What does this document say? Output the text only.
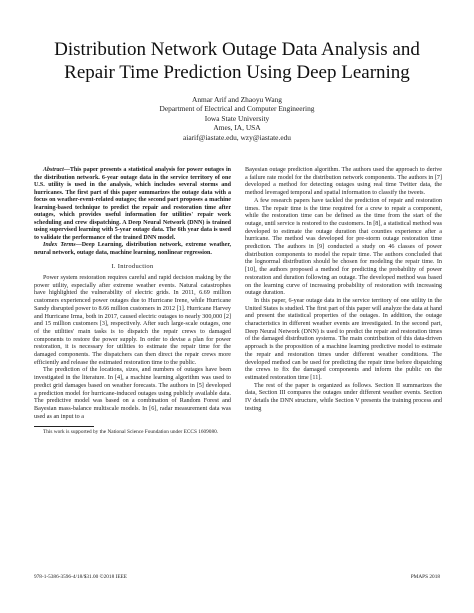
Distribution Network Outage Data Analysis and
Repair Time Prediction Using Deep Learning
Anmar Arif and Zhaoyu Wang
Department of Electrical and Computer Engineering
Iowa State University
Ames, IA, USA
aiarif@iastate.edu, wzy@iastate.edu

Abstract—This paper presents a statistical analysis for power outages in the distribution network. 6-year outage data in the service territory of one U.S. utility is used in the analysis, which includes several storms and hurricanes. The first part of this paper summarizes the outage data with a focus on weather-event-related outages; the second part proposes a machine learning-based technique to predict the repair and restoration time after outages, which provides useful information for utilities' repair work scheduling and crew dispatching. A Deep Neural Network (DNN) is trained using supervised learning with 5-year outage data. The 6th year data is used to validate the performance of the trained DNN model.

Index Terms—Deep Learning, distribution network, extreme weather, neural network, outage data, machine learning, nonlinear regression.

I. Introduction

Power system restoration requires careful and rapid decision making by the power utility, especially after extreme weather events. Natural catastrophes have highlighted the vulnerability of electric grids. In 2011, 6.69 million customers experienced power outages due to Hurricane Irene, while Hurricane Sandy disrupted power to 8.66 million customers in 2012 [1]. Hurricane Harvey and Hurricane Irma, both in 2017, caused electric outages to nearly 300,000 [2] and 15 million customers [3], respectively. After such large-scale outages, one of the utilities' main tasks is to dispatch the repair crews to damaged components to restore the power supply. In order to devise a plan for power restoration, it is necessary for utilities to estimate the repair time for the damaged components. The dispatchers can then direct the repair crews more efficiently and release the estimated restoration time to the public.

The prediction of the locations, sizes, and numbers of outages have been investigated in the literature. In [4], a machine learning algorithm was used to predict grid damages based on weather forecasts. The authors in [5] developed a prediction model for hurricane-induced outages using publicly available data. The predictive model was based on a combination of Random Forest and Bayesian mass-balance multiscale models. In [6], radar measurement data was used as an input to a

This work is supported by the National Science Foundation under ECCS 1609080.

Bayesian outage prediction algorithm. The authors used the approach to derive a failure rate model for the distribution network components. The authors in [7] developed a method for detecting outages using real time Twitter data, the method leveraged temporal and spatial information to classify the tweets.

A few research papers have tackled the prediction of repair and restoration times. The repair time is the time required for a crew to repair a component, while the restoration time can be defined as the time from the start of the outage, until service is restored to the customers. In [8], a statistical method was developed to estimate the outage duration that counties experience after a hurricane. The method was developed for pre-storm outage restoration time prediction. The authors in [9] conducted a study on 46 classes of power distribution components to model the repair time. The authors concluded that the lognormal distribution should be chosen for modeling the repair time. In [10], the authors proposed a method for predicting the probability of power restoration and duration following an outage. The developed method was based on the learning curve of increasing probability of restoration with increasing outage duration.

In this paper, 6-year outage data in the service territory of one utility in the United States is studied. The first part of this paper will analyze the data at hand and present the statistical properties of the outages. In addition, the outage characteristics in different weather events are investigated. In the second part, Deep Neural Network (DNN) is used to predict the repair and restoration times of the damaged distribution systems. The main contribution of this data-driven approach is the proposition of a machine learning predictive model to estimate the repair and restoration times under different weather conditions. The developed method can be used for predicting the repair time before dispatching the crews to fix the damaged components and inform the public on the estimated restoration time [11].

The rest of the paper is organized as follows. Section II summarizes the data, Section III compares the outages under different weather events. Section IV details the DNN structure, while Section V presents the training process and testing

978-1-5386-3596-4/18/$31.00 ©2018 IEEE	PMAPS 2018
